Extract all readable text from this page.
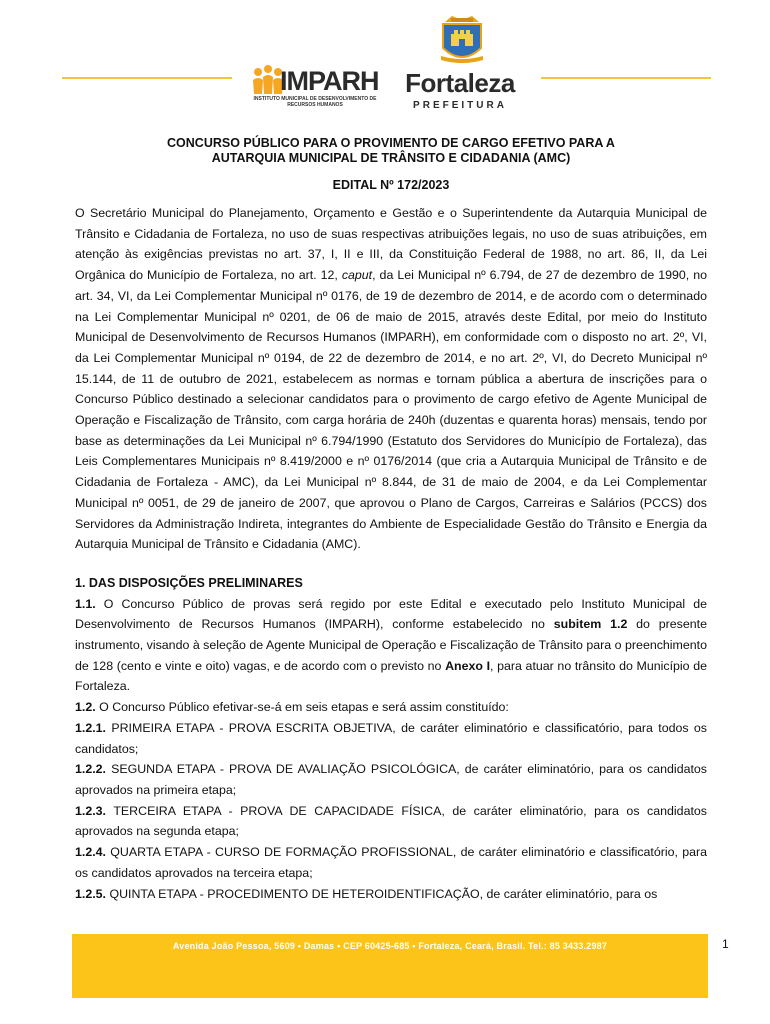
IMPARH
INSTITUTO MUNICIPAL DE DESENVOLVIMENTO DE RECURSOS HUMANOS
Fortaleza
PREFEITURA
CONCURSO PÚBLICO PARA O PROVIMENTO DE CARGO EFETIVO PARA A
AUTARQUIA MUNICIPAL DE TRÂNSITO E CIDADANIA (AMC)
EDITAL Nº 172/2023
O Secretário Municipal do Planejamento, Orçamento e Gestão e o Superintendente da Autarquia Municipal de Trânsito e Cidadania de Fortaleza, no uso de suas respectivas atribuições legais, no uso de suas atribuições, em atenção às exigências previstas no art. 37, I, II e III, da Constituição Federal de 1988, no art. 86, II, da Lei Orgânica do Município de Fortaleza, no art. 12, caput, da Lei Municipal nº 6.794, de 27 de dezembro de 1990, no art. 34, VI, da Lei Complementar Municipal nº 0176, de 19 de dezembro de 2014, e de acordo com o determinado na Lei Complementar Municipal nº 0201, de 06 de maio de 2015, através deste Edital, por meio do Instituto Municipal de Desenvolvimento de Recursos Humanos (IMPARH), em conformidade com o disposto no art. 2º, VI, da Lei Complementar Municipal nº 0194, de 22 de dezembro de 2014, e no art. 2º, VI, do Decreto Municipal nº 15.144, de 11 de outubro de 2021, estabelecem as normas e tornam pública a abertura de inscrições para o Concurso Público destinado a selecionar candidatos para o provimento de cargo efetivo de Agente Municipal de Operação e Fiscalização de Trânsito, com carga horária de 240h (duzentas e quarenta horas) mensais, tendo por base as determinações da Lei Municipal nº 6.794/1990 (Estatuto dos Servidores do Município de Fortaleza), das Leis Complementares Municipais nº 8.419/2000 e nº 0176/2014 (que cria a Autarquia Municipal de Trânsito e de Cidadania de Fortaleza - AMC), da Lei Municipal nº 8.844, de 31 de maio de 2004, e da Lei Complementar Municipal nº 0051, de 29 de janeiro de 2007, que aprovou o Plano de Cargos, Carreiras e Salários (PCCS) dos Servidores da Administração Indireta, integrantes do Ambiente de Especialidade Gestão do Trânsito e Energia da Autarquia Municipal de Trânsito e Cidadania (AMC).
1. DAS DISPOSIÇÕES PRELIMINARES
1.1. O Concurso Público de provas será regido por este Edital e executado pelo Instituto Municipal de Desenvolvimento de Recursos Humanos (IMPARH), conforme estabelecido no subitem 1.2 do presente instrumento, visando à seleção de Agente Municipal de Operação e Fiscalização de Trânsito para o preenchimento de 128 (cento e vinte e oito) vagas, e de acordo com o previsto no Anexo I, para atuar no trânsito do Município de Fortaleza.
1.2. O Concurso Público efetivar-se-á em seis etapas e será assim constituído:
1.2.1. PRIMEIRA ETAPA - PROVA ESCRITA OBJETIVA, de caráter eliminatório e classificatório, para todos os candidatos;
1.2.2. SEGUNDA ETAPA - PROVA DE AVALIAÇÃO PSICOLÓGICA, de caráter eliminatório, para os candidatos aprovados na primeira etapa;
1.2.3. TERCEIRA ETAPA - PROVA DE CAPACIDADE FÍSICA, de caráter eliminatório, para os candidatos aprovados na segunda etapa;
1.2.4. QUARTA ETAPA - CURSO DE FORMAÇÃO PROFISSIONAL, de caráter eliminatório e classificatório, para os candidatos aprovados na terceira etapa;
1.2.5. QUINTA ETAPA - PROCEDIMENTO DE HETEROIDENTIFICAÇÃO, de caráter eliminatório, para os
Avenida João Pessoa, 5609 • Damas • CEP 60425-685 • Fortaleza, Ceará, Brasil. Tel.: 85 3433.2987	1
